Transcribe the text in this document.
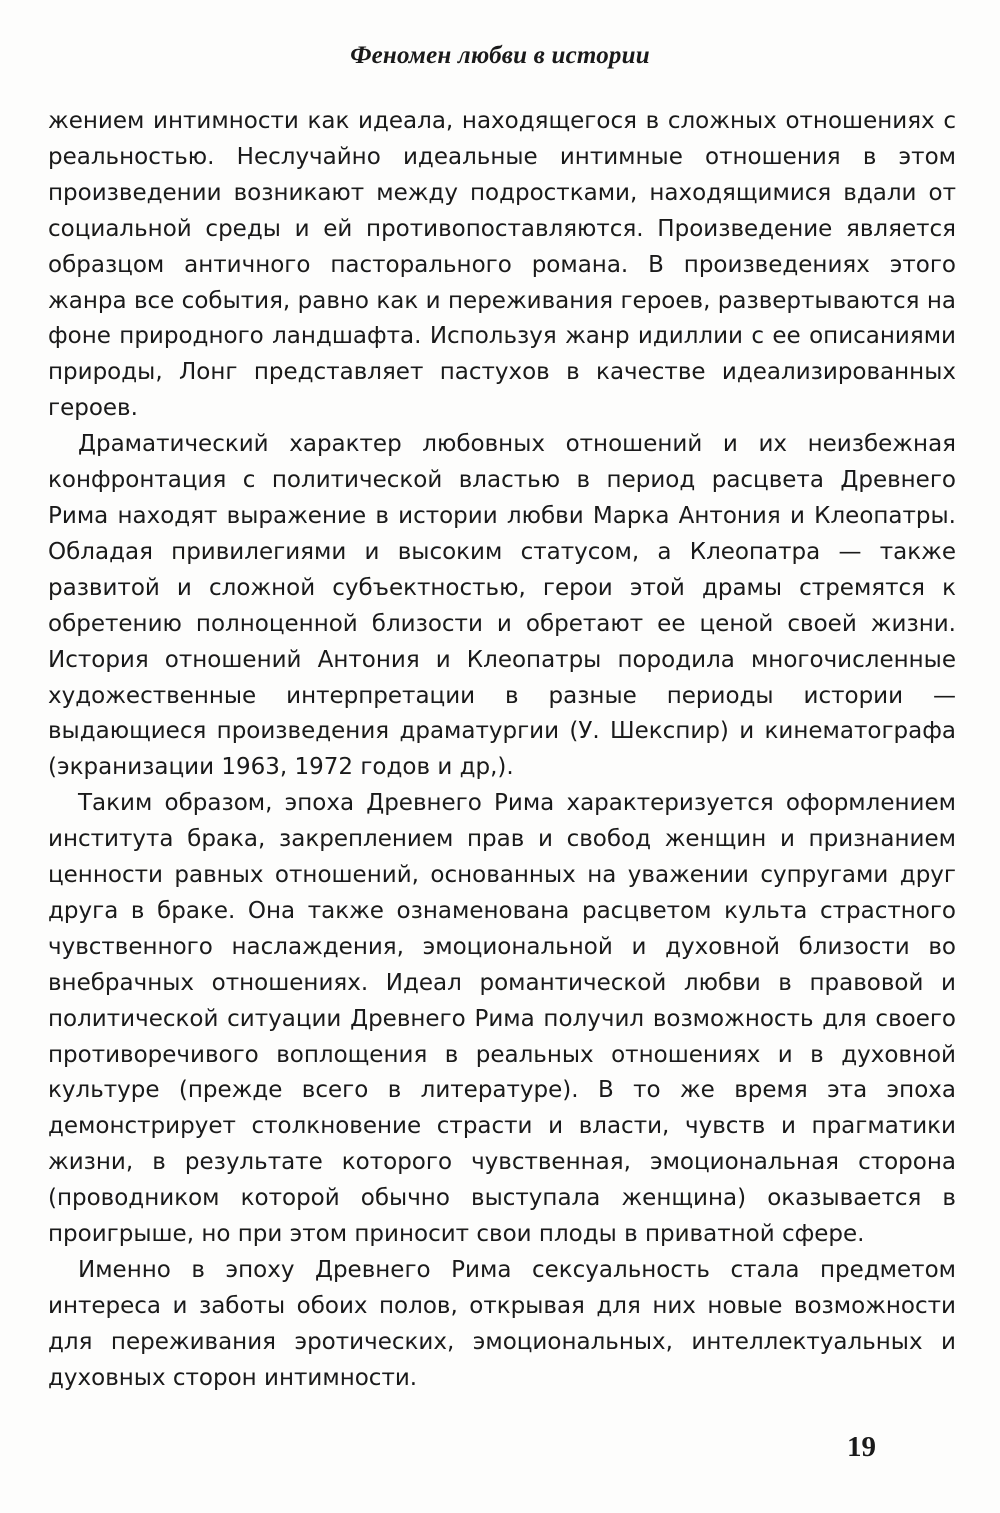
Феномен любви в истории

жением интимности как идеала, находящегося в сложных отношениях с реальностью. Неслучайно идеальные интимные отношения в этом произведении возникают между подростками, находящимися вдали от социальной среды и ей противопоставляются. Произведение является образцом античного пасторального романа. В произведениях этого жанра все события, равно как и переживания героев, развертываются на фоне природного ландшафта. Используя жанр идиллии с ее описаниями природы, Лонг представляет пастухов в качестве идеализированных героев.

Драматический характер любовных отношений и их неизбежная конфронтация с политической властью в период расцвета Древнего Рима находят выражение в истории любви Марка Антония и Клеопатры. Обладая привилегиями и высоким статусом, а Клеопатра — также развитой и сложной субъектностью, герои этой драмы стремятся к обретению полноценной близости и обретают ее ценой своей жизни. История отношений Антония и Клеопатры породила многочисленные художественные интерпретации в разные периоды истории — выдающиеся произведения драматургии (У. Шекспир) и кинематографа (экранизации 1963, 1972 годов и др,).

Таким образом, эпоха Древнего Рима характеризуется оформлением института брака, закреплением прав и свобод женщин и признанием ценности равных отношений, основанных на уважении супругами друг друга в браке. Она также ознаменована расцветом культа страстного чувственного наслаждения, эмоциональной и духовной близости во внебрачных отношениях. Идеал романтической любви в правовой и политической ситуации Древнего Рима получил возможность для своего противоречивого воплощения в реальных отношениях и в духовной культуре (прежде всего в литературе). В то же время эта эпоха демонстрирует столкновение страсти и власти, чувств и прагматики жизни, в результате которого чувственная, эмоциональная сторона (проводником которой обычно выступала женщина) оказывается в проигрыше, но при этом приносит свои плоды в приватной сфере.

Именно в эпоху Древнего Рима сексуальность стала предметом интереса и заботы обоих полов, открывая для них новые возможности для переживания эротических, эмоциональных, интеллектуальных и духовных сторон интимности.

19
